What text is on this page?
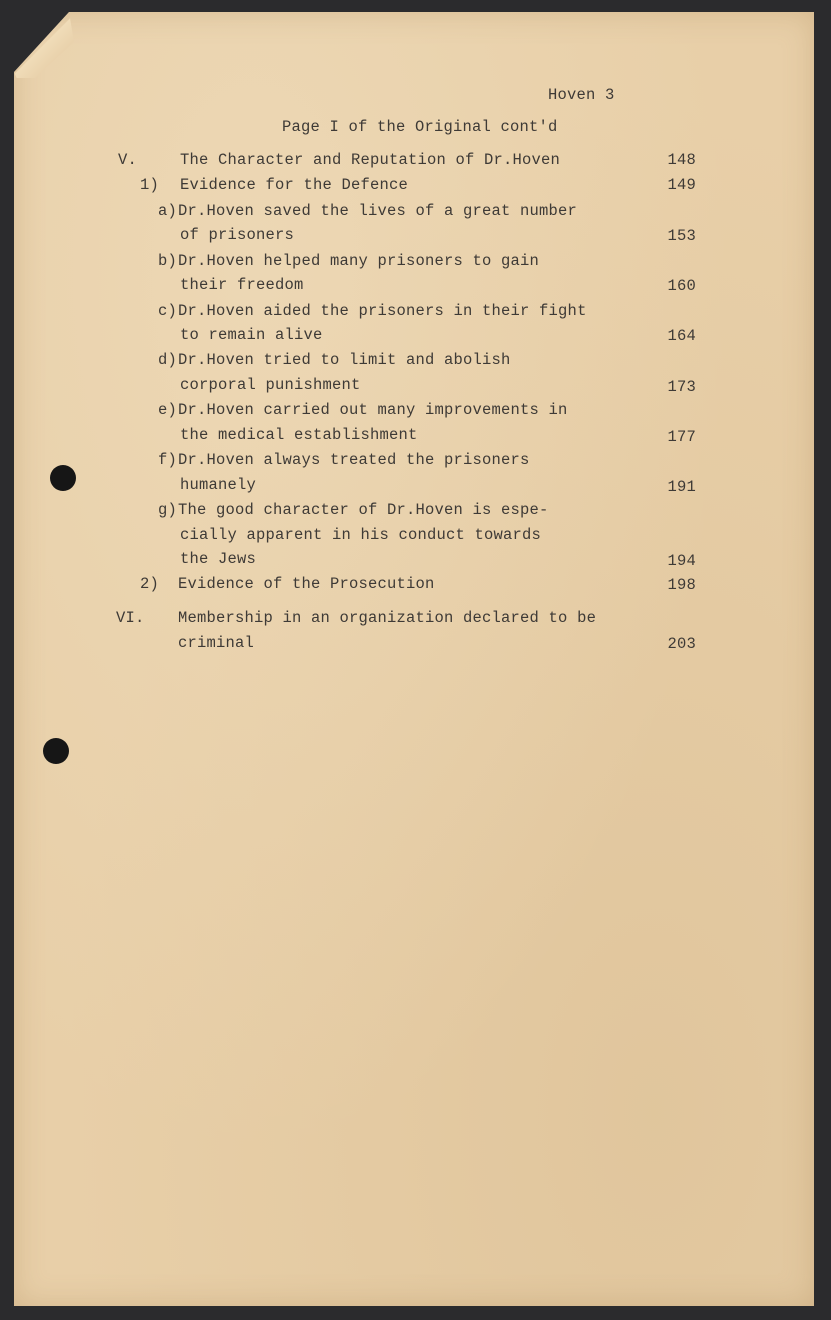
Hoven 3
Page I of the Original cont'd
V.	The Character and Reputation of Dr.Hoven	148
1) Evidence for the Defence	149
a) Dr.Hoven saved the lives of a great number
of prisoners	153
b) Dr.Hoven helped many prisoners to gain
their freedom	160
c) Dr.Hoven aided the prisoners in their fight
to remain alive	164
d) Dr.Hoven tried to limit and abolish
corporal punishment	173
e) Dr.Hoven carried out many improvements in
the medical establishment	177
f) Dr.Hoven always treated the prisoners
humanely	191
g) The good character of Dr.Hoven is espe-
cially apparent in his conduct towards
the Jews	194
2) Evidence of the Prosecution	198
VI. Membership in an organization declared to be
criminal	203
